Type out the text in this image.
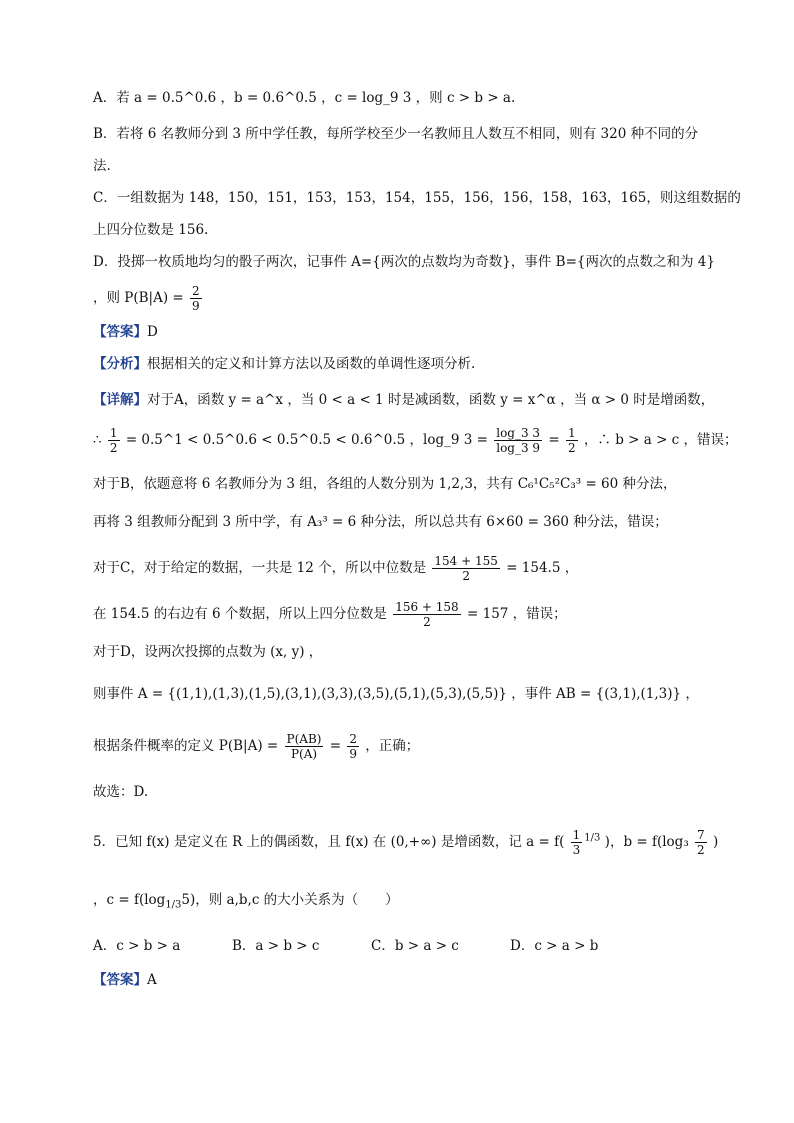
A．若 a = 0.5^0.6 ，b = 0.6^0.5 ，c = log_9 3 ，则 c > b > a.
B．若将 6 名教师分到 3 所中学任教，每所学校至少一名教师且人数互不相同，则有 320 种不同的分
法.
C．一组数据为 148，150，151，153，153，154，155，156，156，158，163，165，则这组数据的
上四分位数是 156.
D．投掷一枚质地均匀的骰子两次，记事件 A={两次的点数均为奇数}，事件 B={两次的点数之和为 4}
，则 $P(B|A) = \frac{2}{9}$
【答案】D
【分析】根据相关的定义和计算方法以及函数的单调性逐项分析.
【详解】对于A，函数 y = a^x ，当 0 < a < 1 时是减函数，函数 y = x^α ，当 α > 0 时是增函数，
∴ $\frac{1}{2}$ = 0.5^1 < 0.5^0.6 < 0.5^0.5 < 0.6^0.5 ，log_9 $3 = \frac{\log\_3 3}{\log\_3 9} = \frac{1}{2}$ ，∴ b > a > c ，错误；
对于B，依题意将 6 名教师分为 3 组，各组的人数分别为 1,2,3，共有 C₆¹C₅²C₃³ = 60 种分法，
再将 3 组教师分配到 3 所中学，有 A₃³ = 6 种分法，所以总共有 6×60 = 360 种分法，错误；
对于C，对于给定的数据，一共是 12 个，所以中位数是 $\frac{154 + 155}{2} = 154.5$ ，
在 154.5 的右边有 6 个数据，所以上四分位数是 $\frac{156 + 158}{2} = 157$ ，错误；
对于D，设两次投掷的点数为 (x, y) ，
则事件 A = {(1,1),(1,3),(1,5),(3,1),(3,3),(3,5),(5,1),(5,3),(5,5)} ，事件 AB = {(3,1),(1,3)} ，
根据条件概率的定义 $P(B|A) = \frac{P(AB)}{P(A)} = \frac{2}{9}$ ，正确；
故选：D.
5．已知 f(x) 是定义在 R 上的偶函数，且 f(x) 在 (0,+∞) 是增函数，记 $a = f( \frac{1}{3} ^{1/3}$ )，$b = f(\log_3 \frac{7}{2}$ )
，$c = f(\log_{1/3}5)$，则 a,b,c 的大小关系为（　　）
A．c > b > a	B．a > b > c	C．b > a > c	D．c > a > b
【答案】A
